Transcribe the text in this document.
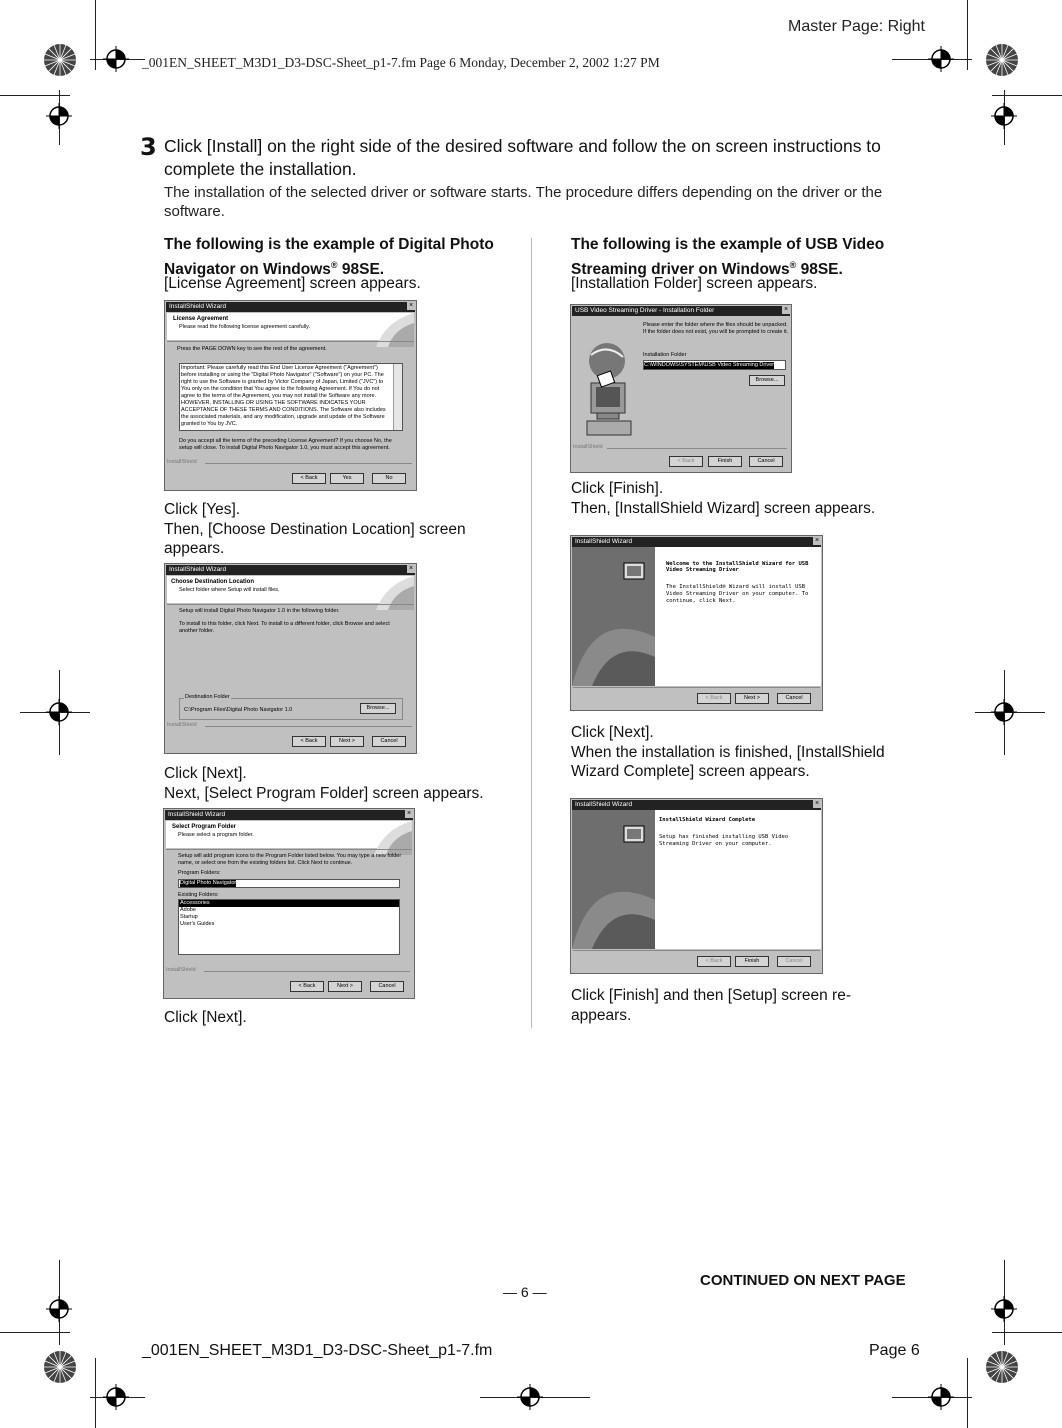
Master Page: Right
_001EN_SHEET_M3D1_D3-DSC-Sheet_p1-7.fm Page 6 Monday, December 2, 2002 1:27 PM
3 Click [Install] on the right side of the desired software and follow the on screen instructions to complete the installation.
The installation of the selected driver or software starts. The procedure differs depending on the driver or the software.
The following is the example of Digital Photo
Navigator on Windows® 98SE.
[License Agreement] screen appears.
InstallShield Wizard	×
License Agreement
Please read the following license agreement carefully.
Press the PAGE DOWN key to see the rest of the agreement.
Important: Please carefully read this End User License Agreement ("Agreement") before installing or using the "Digital Photo Navigator" ("Software") on your PC. The right to use the Software is granted by Victor Company of Japan, Limited ("JVC") to You only on the condition that You agree to the following Agreement. If You do not agree to the terms of the Agreement, you may not install the Software any more. HOWEVER, INSTALLING OR USING THE SOFTWARE INDICATES YOUR ACCEPTANCE OF THESE TERMS AND CONDITIONS. The Software also includes the associated materials, and any modification, upgrade and update of the Software granted to You by JVC.
Do you accept all the terms of the preceding License Agreement? If you choose No, the setup will close. To install Digital Photo Navigator 1.0, you must accept this agreement.
InstallShield
< Back	Yes	No
Click [Yes].
Then, [Choose Destination Location] screen appears.
InstallShield Wizard	×
Choose Destination Location
Select folder where Setup will install files.
Setup will install Digital Photo Navigator 1.0 in the following folder.
To install to this folder, click Next. To install to a different folder, click Browse and select another folder.
Destination Folder
C:\Program Files\Digital Photo Navigator 1.0	Browse...
InstallShield
< Back	Next >	Cancel
Click [Next].
Next, [Select Program Folder] screen appears.
InstallShield Wizard	×
Select Program Folder
Please select a program folder.
Setup will add program icons to the Program Folder listed below. You may type a new folder name, or select one from the existing folders list. Click Next to continue.
Program Folders:
Digital Photo Navigator
Existing Folders:
Accessories
Adobe
Startup
User's Guides
InstallShield
< Back	Next >	Cancel
Click [Next].
The following is the example of USB Video
Streaming driver on Windows® 98SE.
[Installation Folder] screen appears.
USB Video Streaming Driver - Installation Folder	×
Please enter the folder where the files should be unpacked.
If the folder does not exist, you will be prompted to create it.
Installation Folder
C:\WINDOWS\SYSTEM\USB Video Streaming Driver
Browse...
InstallShield
< Back	Finish	Cancel
Click [Finish].
Then, [InstallShield Wizard] screen appears.
InstallShield Wizard	×
Welcome to the InstallShield Wizard for USB Video Streaming Driver
The InstallShield® Wizard will install USB Video Streaming Driver on your computer. To continue, click Next.
< Back	Next >	Cancel
Click [Next].
When the installation is finished, [InstallShield Wizard Complete] screen appears.
InstallShield Wizard	×
InstallShield Wizard Complete
Setup has finished installing USB Video Streaming Driver on your computer.
< Back	Finish	Cancel
Click [Finish] and then [Setup] screen re-appears.
CONTINUED ON NEXT PAGE
— 6 —
_001EN_SHEET_M3D1_D3-DSC-Sheet_p1-7.fm	Page 6
